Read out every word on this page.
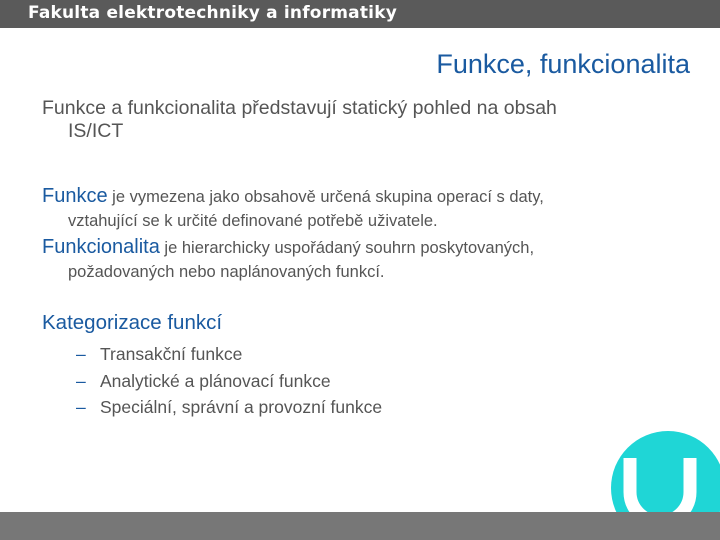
Fakulta elektrotechniky a informatiky
Funkce, funkcionalita
Funkce a funkcionalita představují statický pohled na obsah
IS/ICT
Funkce je vymezena jako obsahově určená skupina operací s daty,
vztahující se k určité definované potřebě uživatele.
Funkcionalita je hierarchicky uspořádaný souhrn poskytovaných,
požadovaných nebo naplánovaných funkcí.
Kategorizace funkcí
– Transakční funkce
– Analytické a plánovací funkce
– Speciální, správní a provozní funkce
